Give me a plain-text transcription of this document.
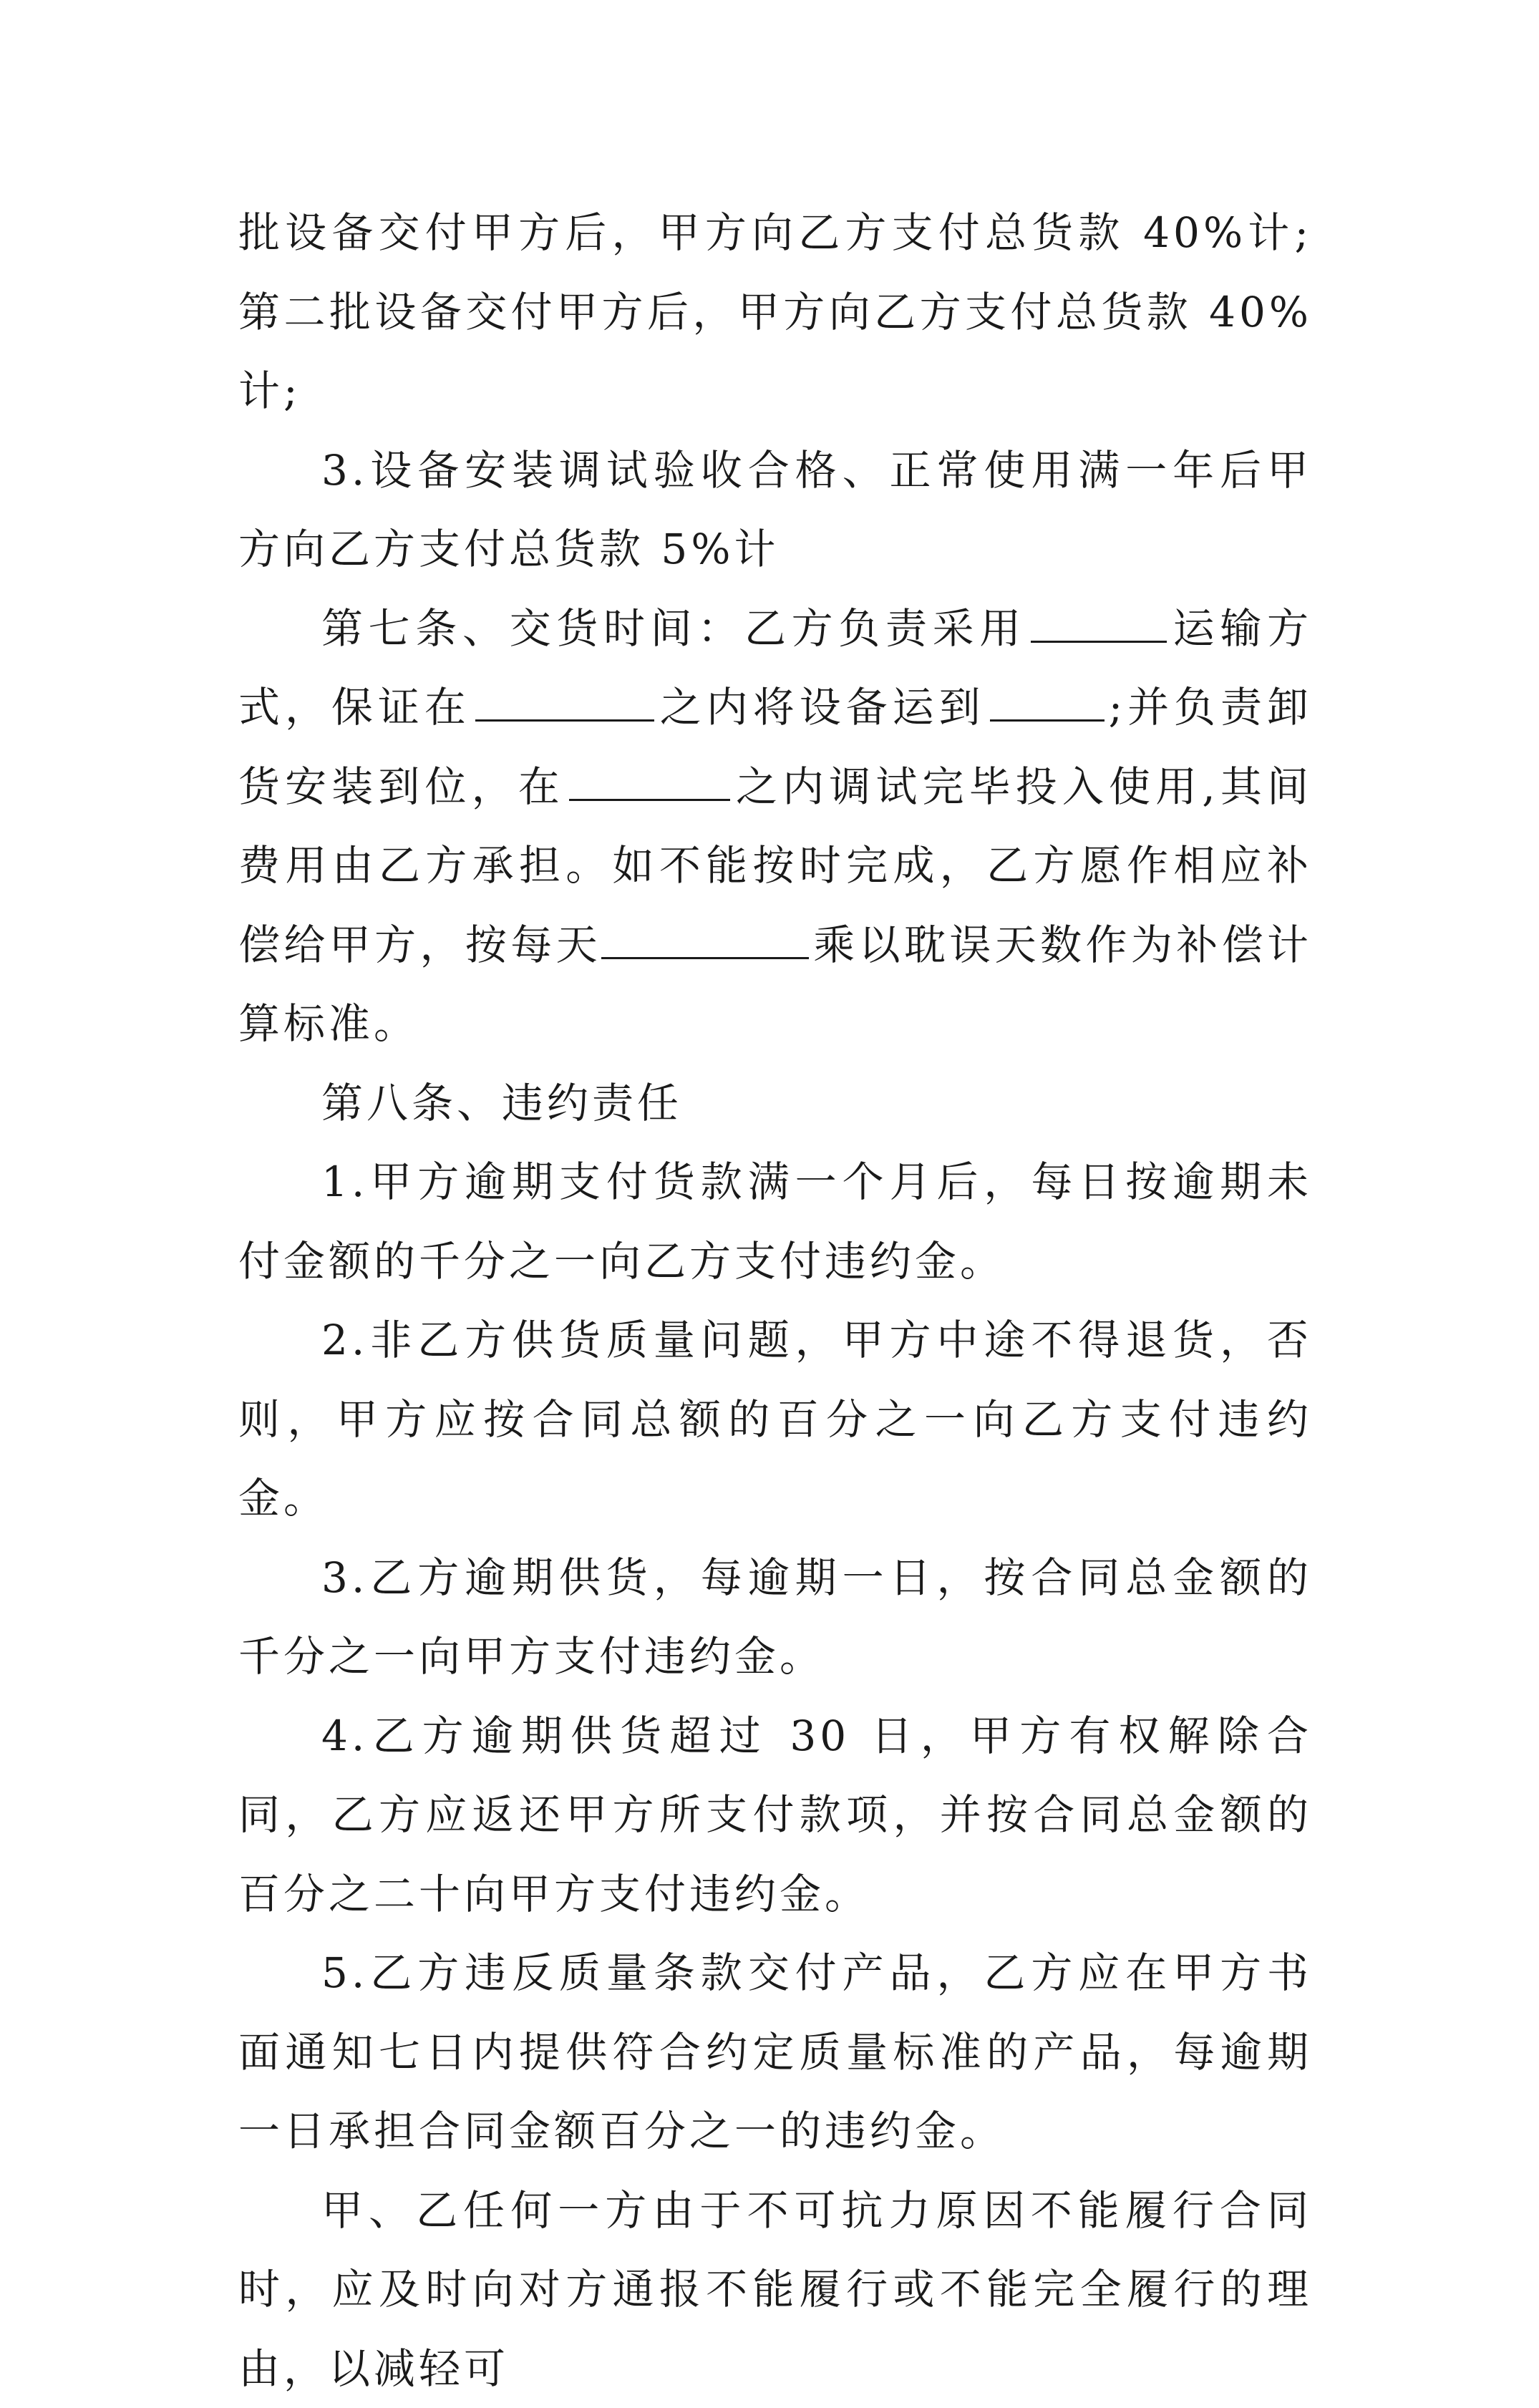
批设备交付甲方后，甲方向乙方支付总货款 40%计;第二批设备交付甲方后，甲方向乙方支付总货款 40%计;

3.设备安装调试验收合格、正常使用满一年后甲方向乙方支付总货款 5%计

第七条、交货时间：乙方负责采用	运输方式，保证在	之内将设备运到	;并负责卸货安装到位，在	之内调试完毕投入使用,其间费用由乙方承担。如不能按时完成，乙方愿作相应补偿给甲方，按每天	乘以耽误天数作为补偿计算标准。

第八条、违约责任

1.甲方逾期支付货款满一个月后，每日按逾期未付金额的千分之一向乙方支付违约金。

2.非乙方供货质量问题，甲方中途不得退货，否则，甲方应按合同总额的百分之一向乙方支付违约金。

3.乙方逾期供货，每逾期一日，按合同总金额的千分之一向甲方支付违约金。

4.乙方逾期供货超过 30 日，甲方有权解除合同，乙方应返还甲方所支付款项，并按合同总金额的百分之二十向甲方支付违约金。

5.乙方违反质量条款交付产品，乙方应在甲方书面通知七日内提供符合约定质量标准的产品，每逾期一日承担合同金额百分之一的违约金。

甲、乙任何一方由于不可抗力原因不能履行合同时，应及时向对方通报不能履行或不能完全履行的理由，以减轻可
